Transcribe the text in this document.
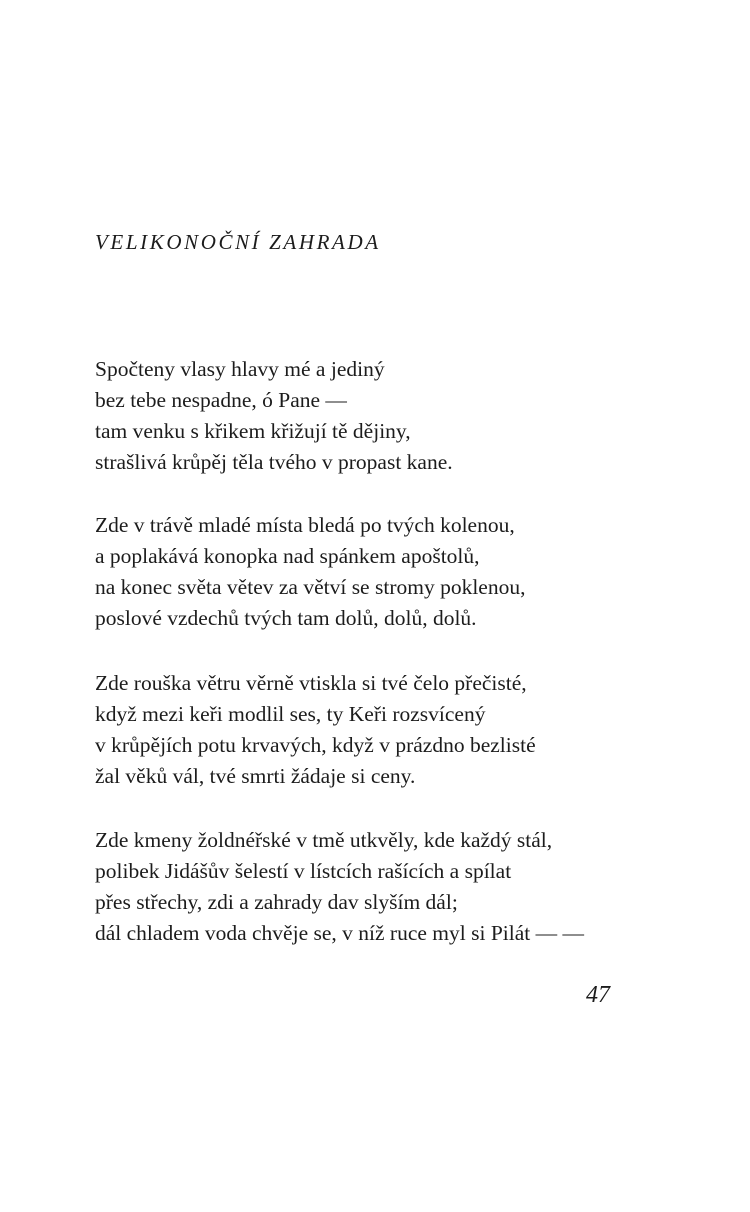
VELIKONOČNÍ ZAHRADA
Spočteny vlasy hlavy mé a jediný
bez tebe nespadne, ó Pane —
tam venku s křikem křižují tě dějiny,
strašlivá krůpěj těla tvého v propast kane.
Zde v trávě mladé místa bledá po tvých kolenou,
a poplakává konopka nad spánkem apoštolů,
na konec světa větev za větví se stromy poklenou,
poslové vzdechů tvých tam dolů, dolů, dolů.
Zde rouška větru věrně vtiskla si tvé čelo přečisté,
když mezi keři modlil ses, ty Keři rozsvícený
v krůpějích potu krvavých, když v prázdno bezlisté
žal věků vál, tvé smrti žádaje si ceny.
Zde kmeny žoldnéřské v tmě utkvěly, kde každý stál,
polibek Jidášův šelestí v lístcích rašících a spílat
přes střechy, zdi a zahrady dav slyším dál;
dál chladem voda chvěje se, v níž ruce myl si Pilát — —
47
